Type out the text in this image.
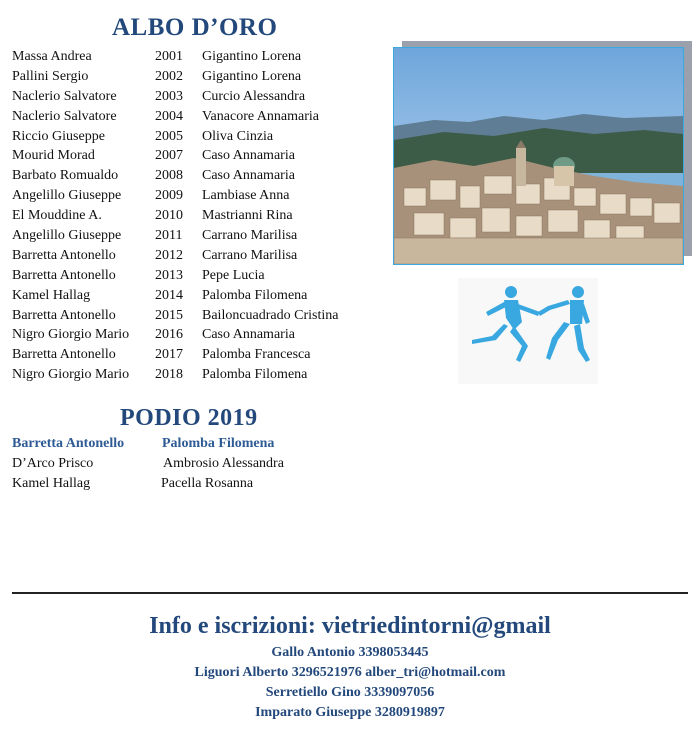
ALBO D’ORO
Massa Andrea	2001 Gigantino Lorena
Pallini Sergio	2002 Gigantino Lorena
Naclerio Salvatore	2003 Curcio Alessandra
Naclerio Salvatore	2004 Vanacore Annamaria
Riccio Giuseppe	2005 Oliva Cinzia
Mourid Morad	2007 Caso Annamaria
Barbato Romualdo	2008 Caso Annamaria
Angelillo Giuseppe 2009 Lambiase Anna
El Mouddine A.	2010 Mastrianni Rina
Angelillo Giuseppe 2011 Carrano Marilisa
Barretta Antonello	2012 Carrano Marilisa
Barretta Antonello	2013 Pepe Lucia
Kamel Hallag	2014 Palomba Filomena
Barretta Antonello	2015 Bailoncuadrado Cristina
Nigro Giorgio Mario 2016 Caso Annamaria
Barretta Antonello	2017 Palomba Francesca
Nigro Giorgio Mario 2018 Palomba Filomena
PODIO 2019
Barretta Antonello	Palomba Filomena
D’Arco Prisco	Ambrosio Alessandra
Kamel Hallag	Pacella Rosanna
Info e iscrizioni: vietriedintorni@gmail
Gallo Antonio 3398053445
Liguori Alberto 3296521976 alber_tri@hotmail.com
Serretiello Gino 3339097056
Imparato Giuseppe 3280919897
